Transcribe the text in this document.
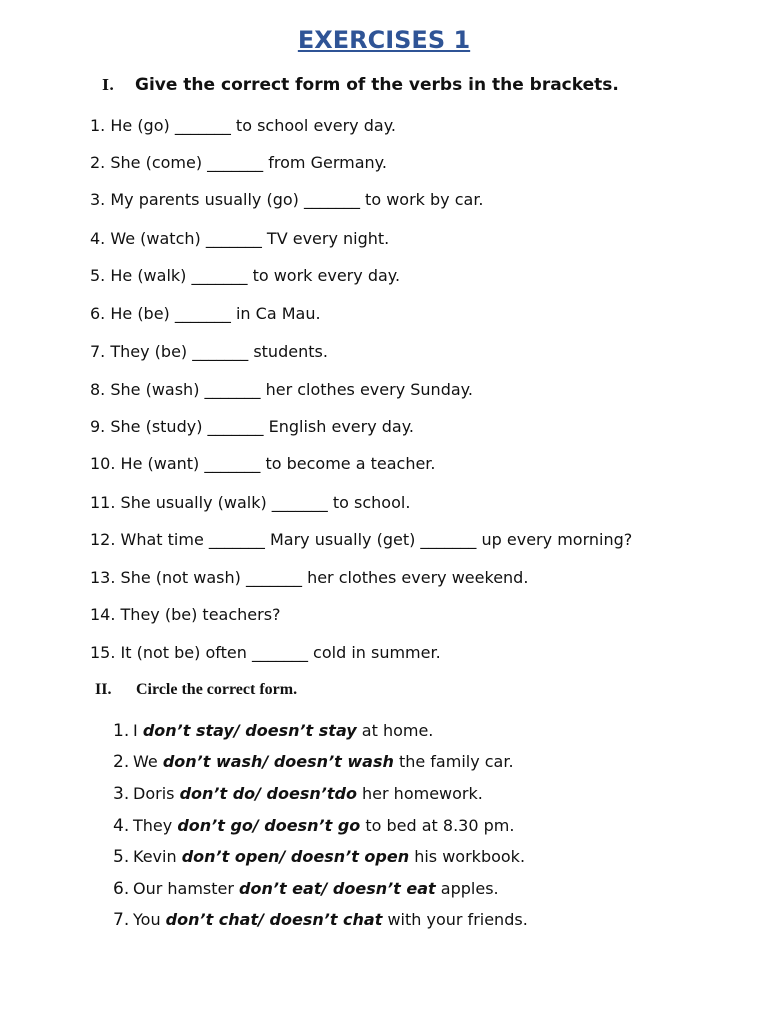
EXERCISES 1

I. Give the correct form of the verbs in the brackets.

1. He (go) _______ to school every day.

2. She (come) _______ from Germany.

3. My parents usually (go) _______ to work by car.

4. We (watch) _______ TV every night.

5. He (walk) _______ to work every day.

6. He (be) _______ in Ca Mau.

7. They (be) _______ students.

8. She (wash) _______ her clothes every Sunday.

9. She (study) _______ English every day.

10. He (want) _______ to become a teacher.

11. She usually (walk) _______ to school.

12. What time _______ Mary usually (get) _______ up every morning?

13. She (not wash) _______ her clothes every weekend.

14. They (be) teachers?

15. It (not be) often _______ cold in summer.

II. Circle the correct form.

1. I don’t stay/ doesn’t stay at home.

2. We don’t wash/ doesn’t wash the family car.

3. Doris don’t do/ doesn’tdo her homework.

4. They don’t go/ doesn’t go to bed at 8.30 pm.

5. Kevin don’t open/ doesn’t open his workbook.

6. Our hamster don’t eat/ doesn’t eat apples.

7. You don’t chat/ doesn’t chat with your friends.
